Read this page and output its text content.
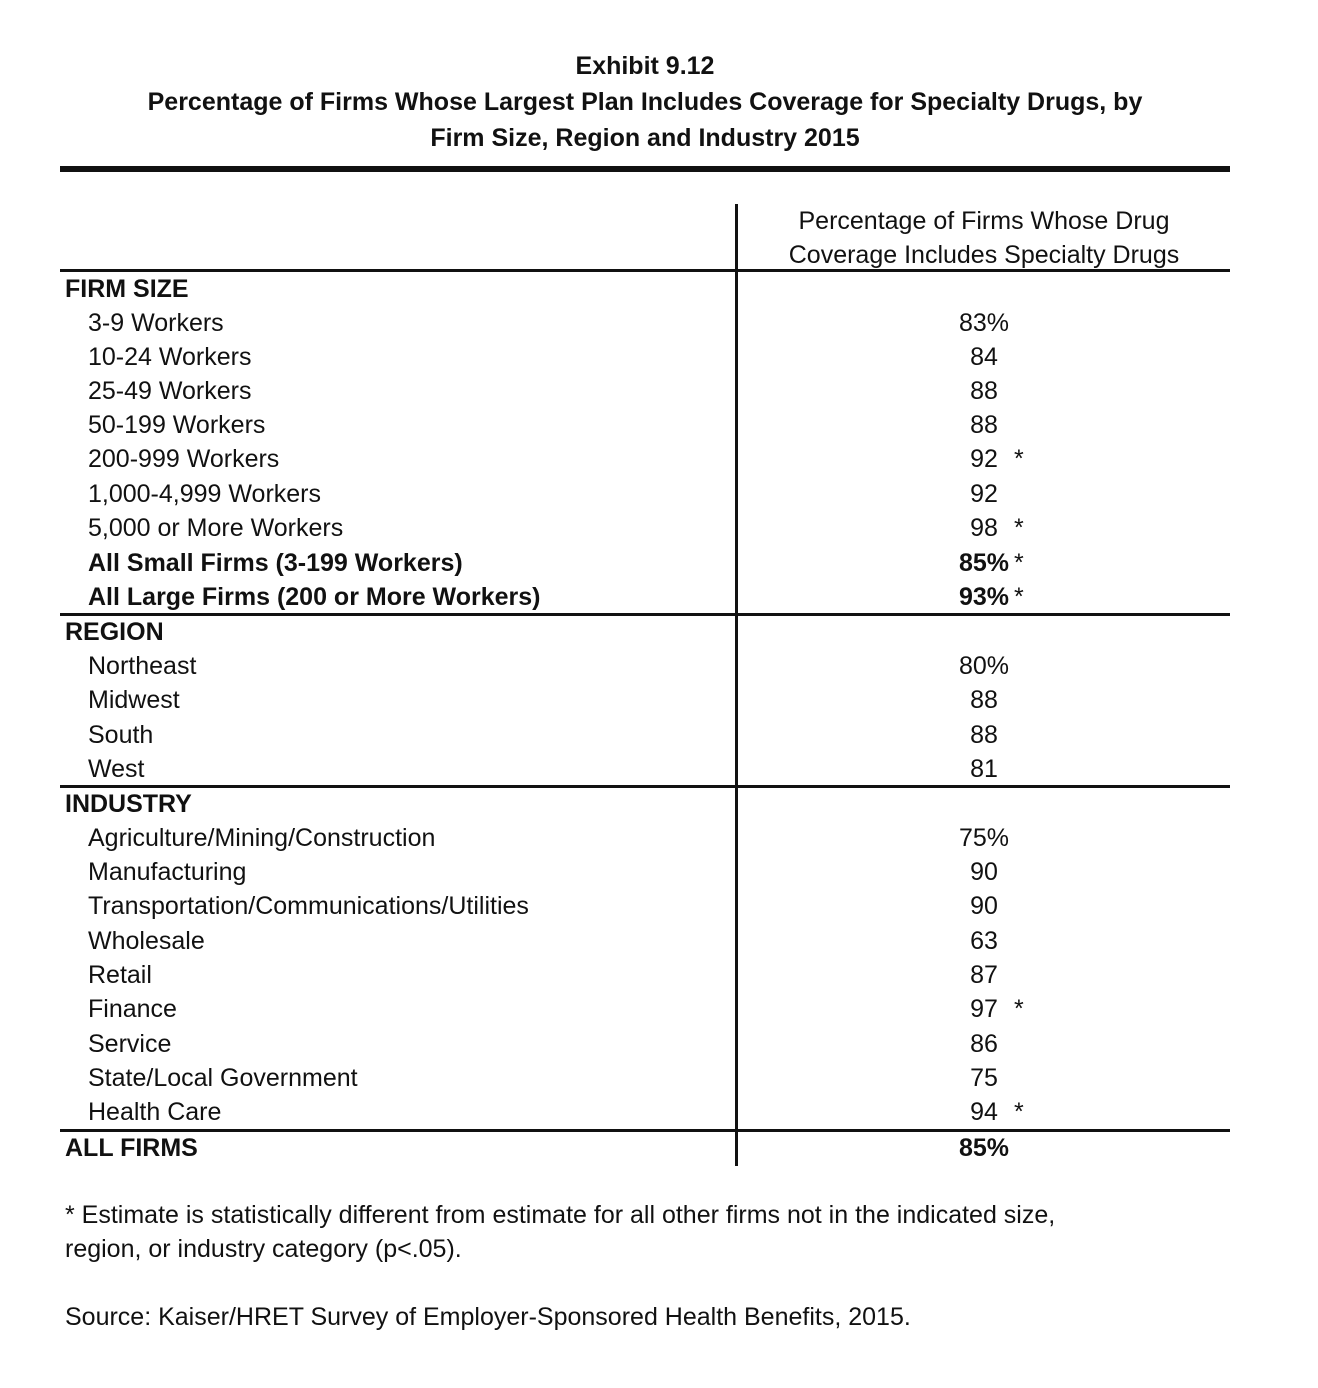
Exhibit 9.12
Percentage of Firms Whose Largest Plan Includes Coverage for Specialty Drugs, by
Firm Size, Region and Industry 2015
Percentage of Firms Whose Drug
Coverage Includes Specialty Drugs
FIRM SIZE
3-9 Workers	83%
10-24 Workers	84
25-49 Workers	88
50-199 Workers	88
200-999 Workers	92 *
1,000-4,999 Workers	92
5,000 or More Workers	98 *
All Small Firms (3-199 Workers)	85% *
All Large Firms (200 or More Workers)	93% *
REGION
Northeast	80%
Midwest	88
South	88
West	81
INDUSTRY
Agriculture/Mining/Construction	75%
Manufacturing	90
Transportation/Communications/Utilities	90
Wholesale	63
Retail	87
Finance	97 *
Service	86
State/Local Government	75
Health Care	94 *
ALL FIRMS	85%
* Estimate is statistically different from estimate for all other firms not in the indicated size,
region, or industry category (p<.05).
Source: Kaiser/HRET Survey of Employer-Sponsored Health Benefits, 2015.
